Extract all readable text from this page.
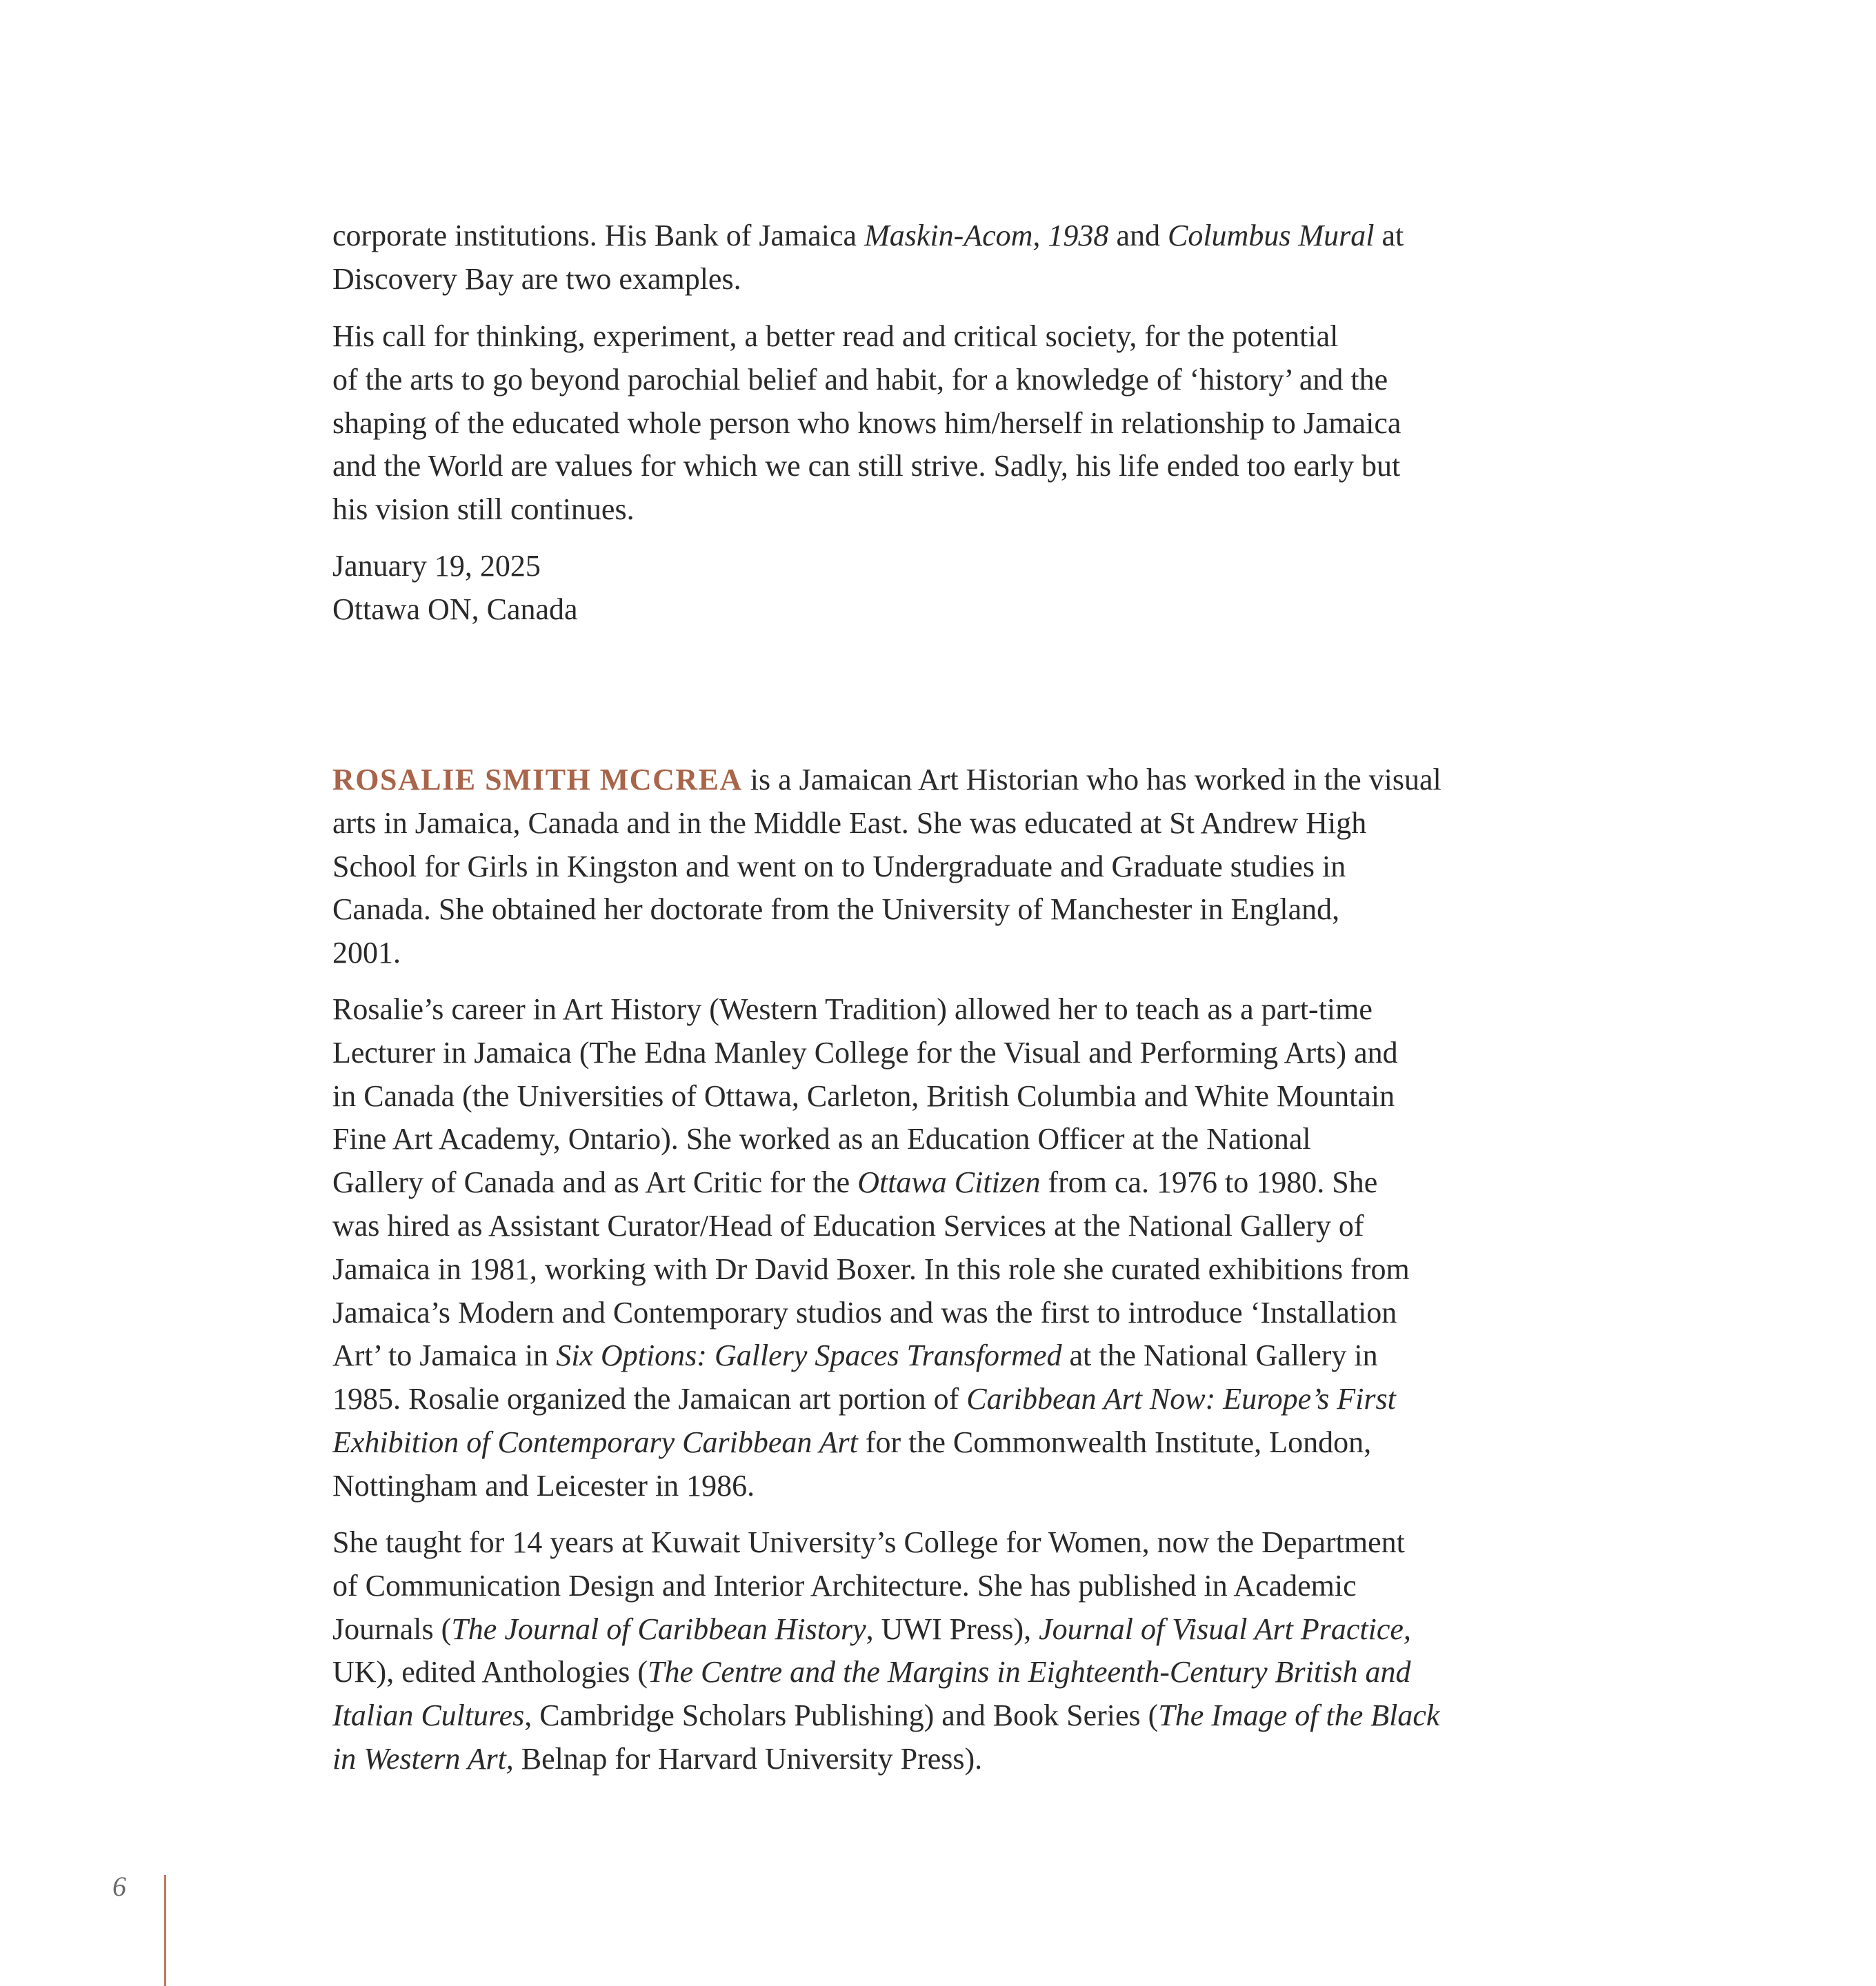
corporate institutions. His Bank of Jamaica Maskin-Acom, 1938 and Columbus Mural at
Discovery Bay are two examples.
His call for thinking, experiment, a better read and critical society, for the potential
of the arts to go beyond parochial belief and habit, for a knowledge of ‘history’ and the
shaping of the educated whole person who knows him/herself in relationship to Jamaica
and the World are values for which we can still strive. Sadly, his life ended too early but
his vision still continues.
January 19, 2025
Ottawa ON, Canada
ROSALIE SMITH MCCREA is a Jamaican Art Historian who has worked in the visual
arts in Jamaica, Canada and in the Middle East. She was educated at St Andrew High
School for Girls in Kingston and went on to Undergraduate and Graduate studies in
Canada. She obtained her doctorate from the University of Manchester in England,
2001.
Rosalie’s career in Art History (Western Tradition) allowed her to teach as a part-time
Lecturer in Jamaica (The Edna Manley College for the Visual and Performing Arts) and
in Canada (the Universities of Ottawa, Carleton, British Columbia and White Mountain
Fine Art Academy, Ontario). She worked as an Education Officer at the National
Gallery of Canada and as Art Critic for the Ottawa Citizen from ca. 1976 to 1980. She
was hired as Assistant Curator/Head of Education Services at the National Gallery of
Jamaica in 1981, working with Dr David Boxer. In this role she curated exhibitions from
Jamaica’s Modern and Contemporary studios and was the first to introduce ‘Installation
Art’ to Jamaica in Six Options: Gallery Spaces Transformed at the National Gallery in
1985. Rosalie organized the Jamaican art portion of Caribbean Art Now: Europe’s First
Exhibition of Contemporary Caribbean Art for the Commonwealth Institute, London,
Nottingham and Leicester in 1986.
She taught for 14 years at Kuwait University’s College for Women, now the Department
of Communication Design and Interior Architecture. She has published in Academic
Journals (The Journal of Caribbean History, UWI Press), Journal of Visual Art Practice,
UK), edited Anthologies (The Centre and the Margins in Eighteenth-Century British and
Italian Cultures, Cambridge Scholars Publishing) and Book Series (The Image of the Black
in Western Art, Belnap for Harvard University Press).
6
